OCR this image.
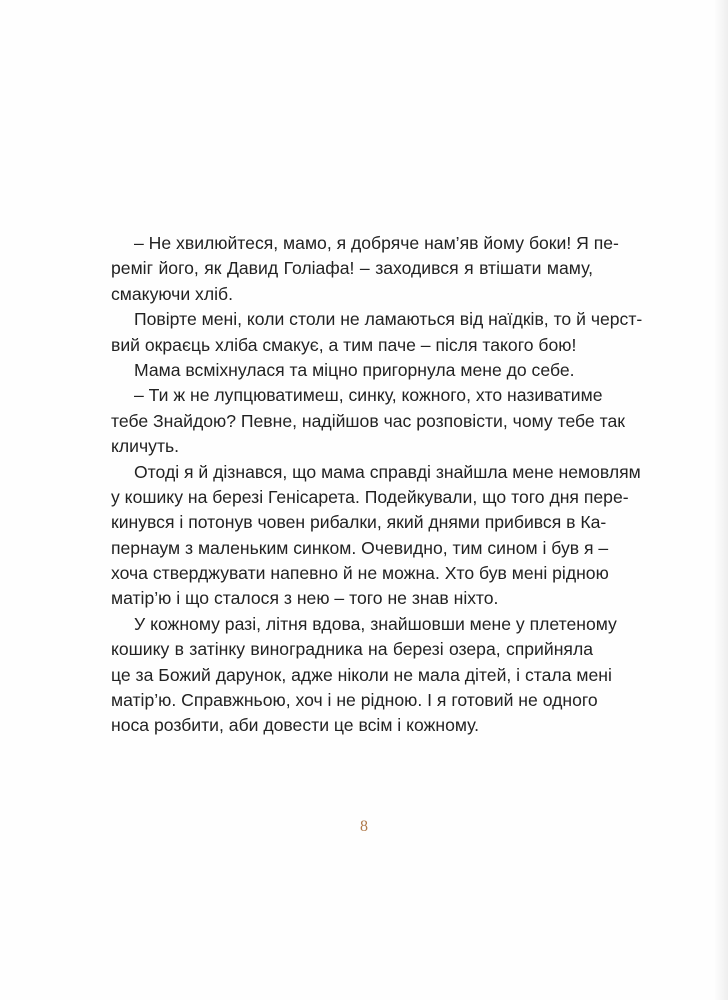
– Не хвилюйтеся, мамо, я добряче нам’яв йому боки! Я пе-
реміг його, як Давид Голіафа! – заходився я втішати маму,
смакуючи хліб.
Повірте мені, коли столи не ламаються від наїдків, то й черст-
вий окраєць хліба смакує, а тим паче – після такого бою!
Мама всміхнулася та міцно пригорнула мене до себе.
– Ти ж не лупцюватимеш, синку, кожного, хто називатиме
тебе Знайдою? Певне, надійшов час розповісти, чому тебе так
кличуть.
Отоді я й дізнався, що мама справді знайшла мене немовлям
у кошику на березі Генісарета. Подейкували, що того дня пере-
кинувся і потонув човен рибалки, який днями прибився в Ка-
пернаум з маленьким синком. Очевидно, тим сином і був я –
хоча стверджувати напевно й не можна. Хто був мені рідною
матір’ю і що сталося з нею – того не знав ніхто.
У кожному разі, літня вдова, знайшовши мене у плетеному
кошику в затінку виноградника на березі озера, сприйняла
це за Божий дарунок, адже ніколи не мала дітей, і стала мені
матір’ю. Справжньою, хоч і не рідною. І я готовий не одного
носа розбити, аби довести це всім і кожному.
8
